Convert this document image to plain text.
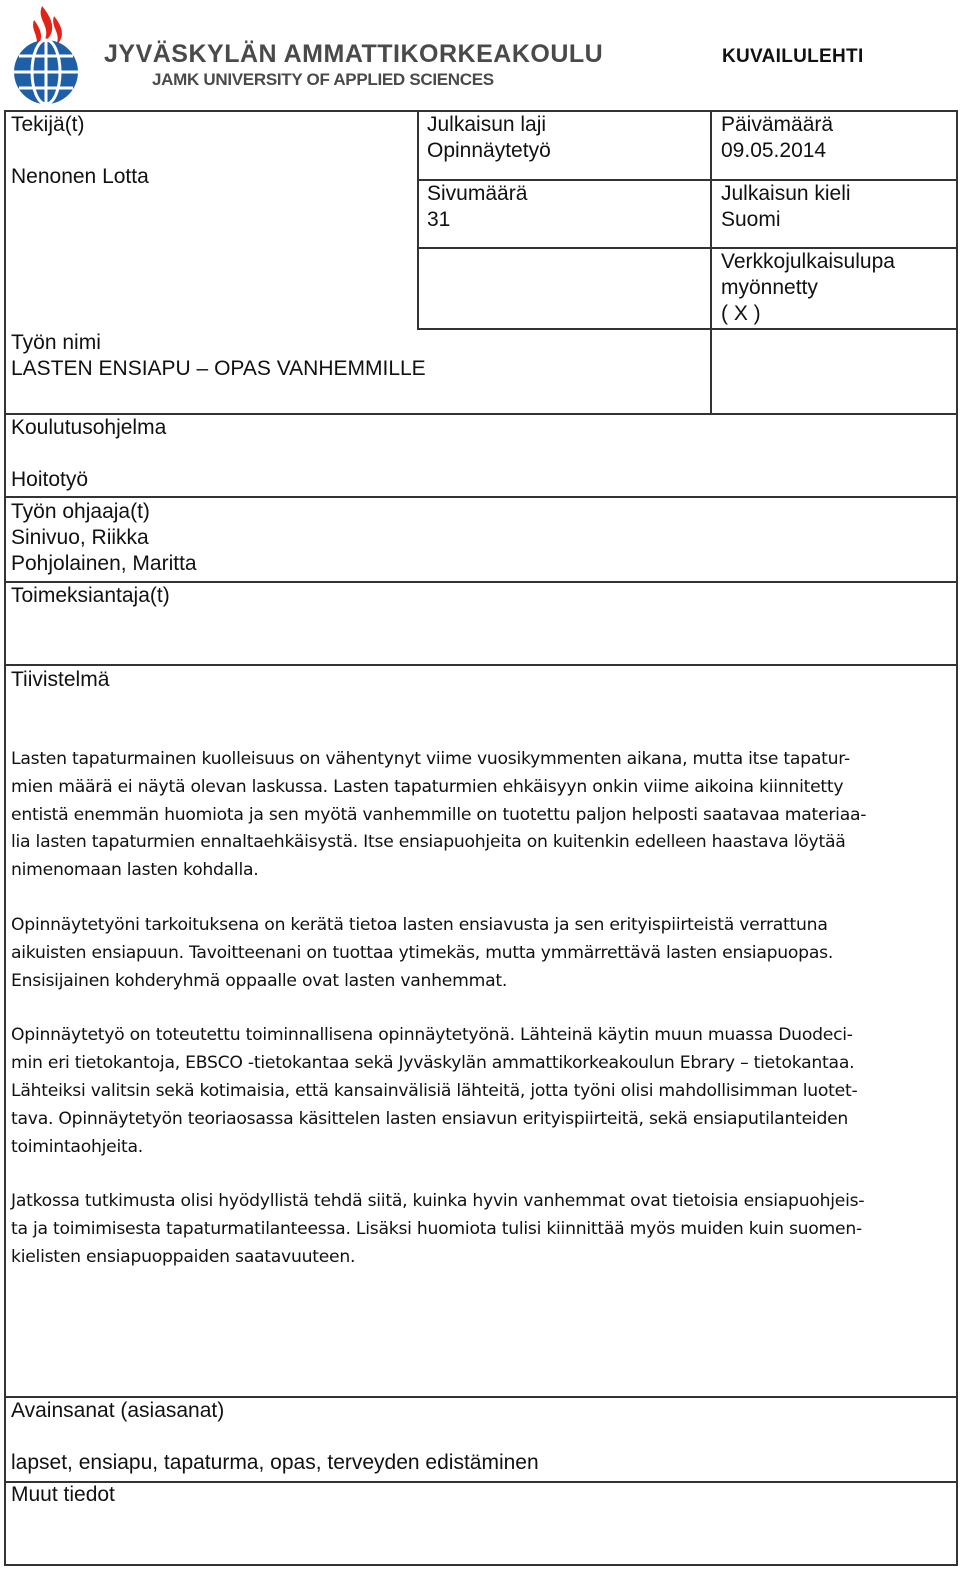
JYVÄSKYLÄN AMMATTIKORKEAKOULU
JAMK UNIVERSITY OF APPLIED SCIENCES
KUVAILULEHTI
Tekijä(t)
Nenonen Lotta
Julkaisun laji
Opinnäytetyö
Päivämäärä
09.05.2014
Sivumäärä
31
Julkaisun kieli
Suomi
Verkkojulkaisulupa
myönnetty
( X )
Työn nimi
LASTEN ENSIAPU – OPAS VANHEMMILLE
Koulutusohjelma
Hoitotyö
Työn ohjaaja(t)
Sinivuo, Riikka
Pohjolainen, Maritta
Toimeksiantaja(t)
Tiivistelmä

Lasten tapaturmainen kuolleisuus on vähentynyt viime vuosikymmenten aikana, mutta itse tapatur-
mien määrä ei näytä olevan laskussa. Lasten tapaturmien ehkäisyyn onkin viime aikoina kiinnitetty
entistä enemmän huomiota ja sen myötä vanhemmille on tuotettu paljon helposti saatavaa materiaa-
lia lasten tapaturmien ennaltaehkäisystä. Itse ensiapuohjeita on kuitenkin edelleen haastava löytää
nimenomaan lasten kohdalla.

Opinnäytetyöni tarkoituksena on kerätä tietoa lasten ensiavusta ja sen erityispiirteistä verrattuna
aikuisten ensiapuun. Tavoitteenani on tuottaa ytimekäs, mutta ymmärrettävä lasten ensiapuopas.
Ensisijainen kohderyhmä oppaalle ovat lasten vanhemmat.

Opinnäytetyö on toteutettu toiminnallisena opinnäytetyönä. Lähteinä käytin muun muassa Duodeci-
min eri tietokantoja, EBSCO -tietokantaa sekä Jyväskylän ammattikorkeakoulun Ebrary – tietokantaa.
Lähteiksi valitsin sekä kotimaisia, että kansainvälisiä lähteitä, jotta työni olisi mahdollisimman luotet-
tava. Opinnäytetyön teoriaosassa käsittelen lasten ensiavun erityispiirteitä, sekä ensiaputilanteiden
toimintaohjeita.

Jatkossa tutkimusta olisi hyödyllistä tehdä siitä, kuinka hyvin vanhemmat ovat tietoisia ensiapuohjeis-
ta ja toimimisesta tapaturmatilanteessa. Lisäksi huomiota tulisi kiinnittää myös muiden kuin suomen-
kielisten ensiapuoppaiden saatavuuteen.

Avainsanat (asiasanat)
lapset, ensiapu, tapaturma, opas, terveyden edistäminen
Muut tiedot
